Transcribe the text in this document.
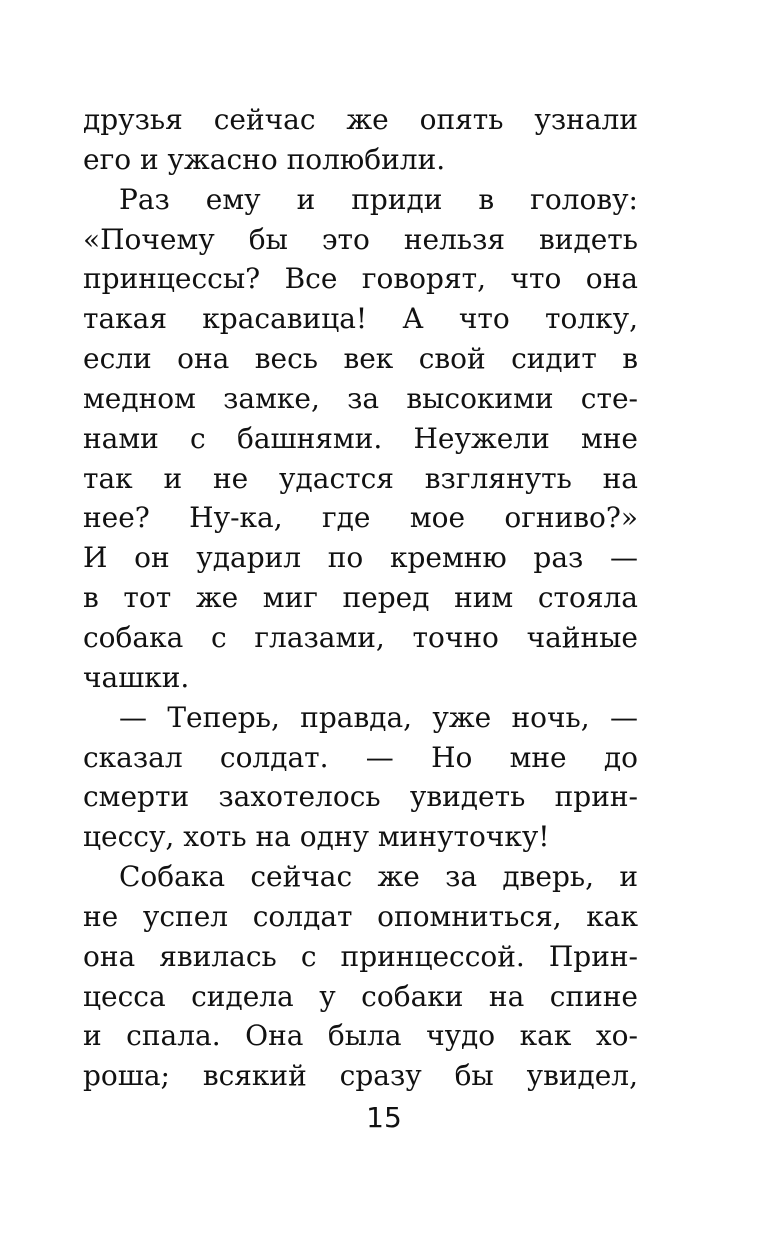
друзья сейчас же опять узнали
его и ужасно полюбили.
Раз ему и приди в голову:
«Почему бы это нельзя видеть
принцессы? Все говорят, что она
такая красавица! А что толку,
если она весь век свой сидит в
медном замке, за высокими сте-
нами с башнями. Неужели мне
так и не удастся взглянуть на
нее? Ну-ка, где мое огниво?»
И он ударил по кремню раз —
в тот же миг перед ним стояла
собака с глазами, точно чайные
чашки.
— Теперь, правда, уже ночь, —
сказал солдат. — Но мне до
смерти захотелось увидеть прин-
цессу, хоть на одну минуточку!
Собака сейчас же за дверь, и
не успел солдат опомниться, как
она явилась с принцессой. Прин-
цесса сидела у собаки на спине
и спала. Она была чудо как хо-
роша; всякий сразу бы увидел,
15
